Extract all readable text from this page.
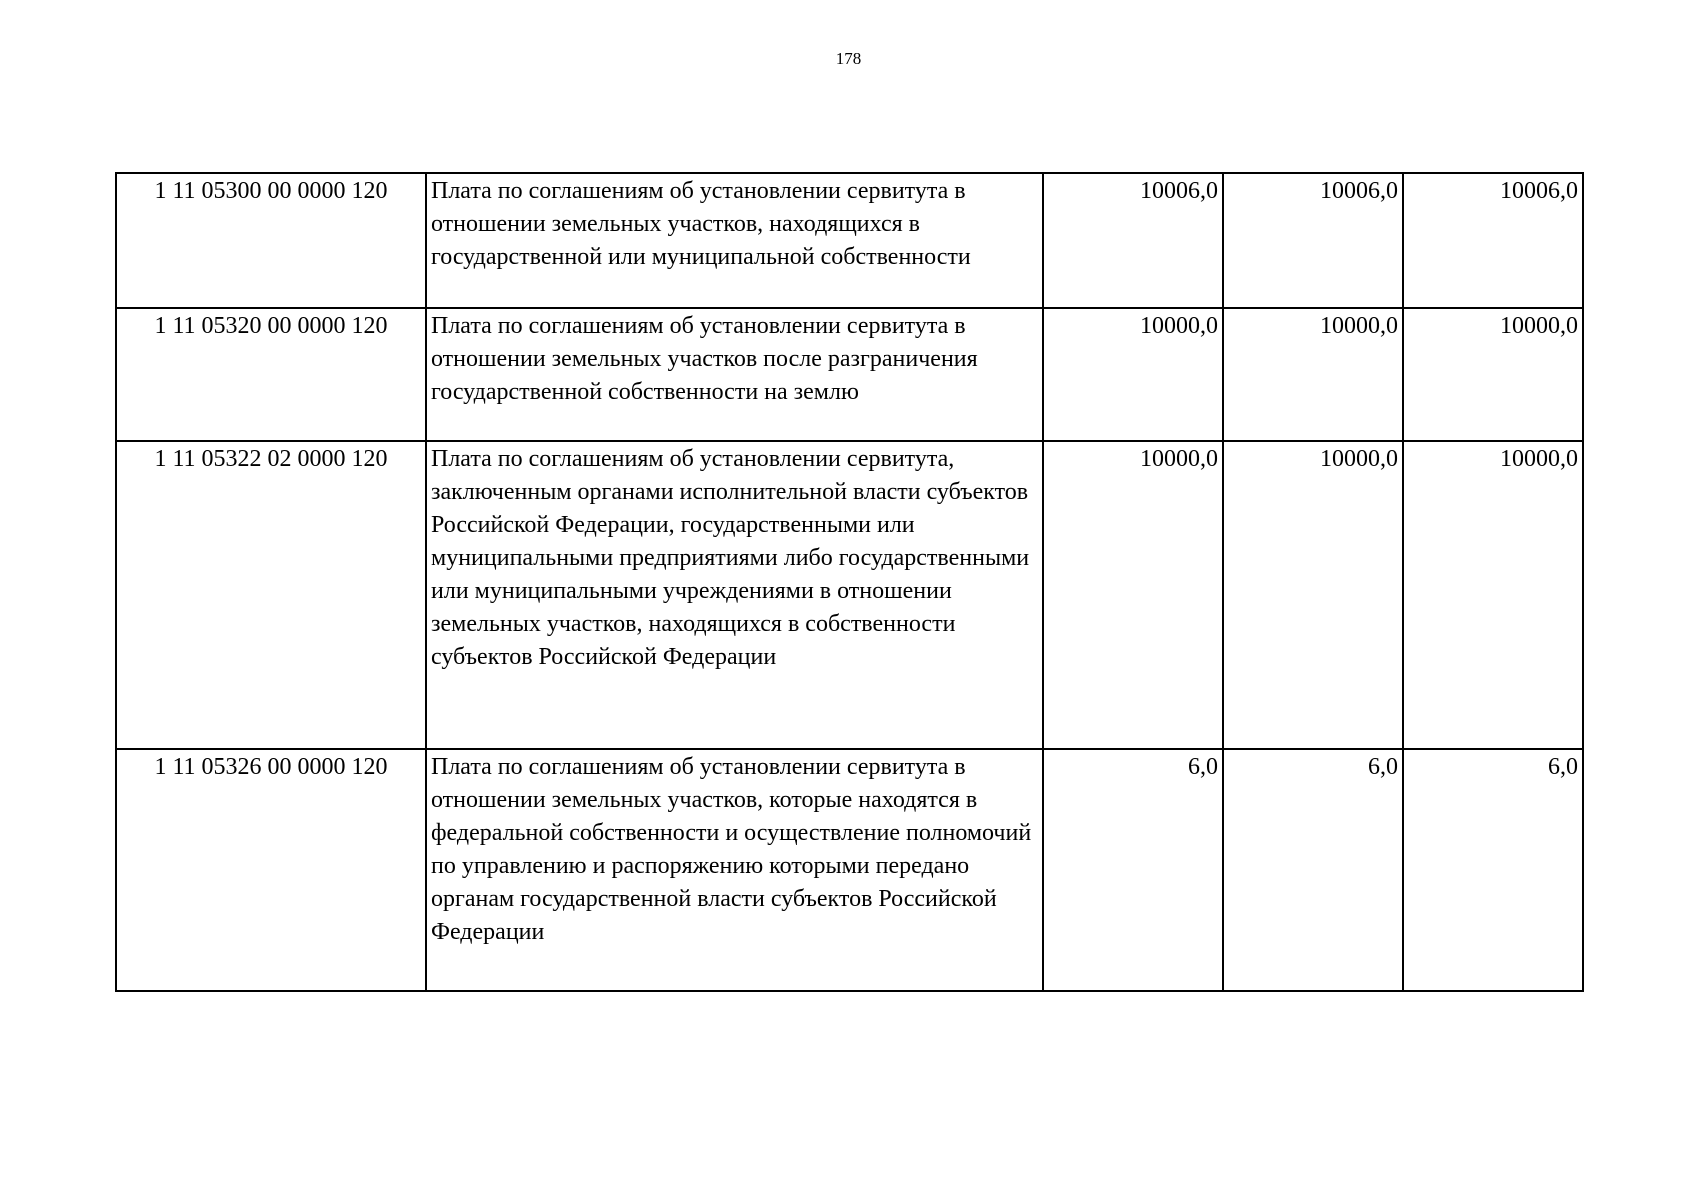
178
1 11 05300 00 0000 120	Плата по соглашениям об установлении сервитута в отношении земельных участков, находящихся в государственной или муниципальной собственности	10006,0	10006,0	10006,0
1 11 05320 00 0000 120	Плата по соглашениям об установлении сервитута в отношении земельных участков после разграничения государственной собственности на землю	10000,0	10000,0	10000,0
1 11 05322 02 0000 120	Плата по соглашениям об установлении сервитута, заключенным органами исполнительной власти субъектов Российской Федерации, государственными или муниципальными предприятиями либо государственными или муниципальными учреждениями в отношении земельных участков, находящихся в собственности субъектов Российской Федерации	10000,0	10000,0	10000,0
1 11 05326 00 0000 120	Плата по соглашениям об установлении сервитута в отношении земельных участков, которые находятся в федеральной собственности и осуществление полномочий по управлению и распоряжению которыми передано органам государственной власти субъектов Российской Федерации	6,0	6,0	6,0
